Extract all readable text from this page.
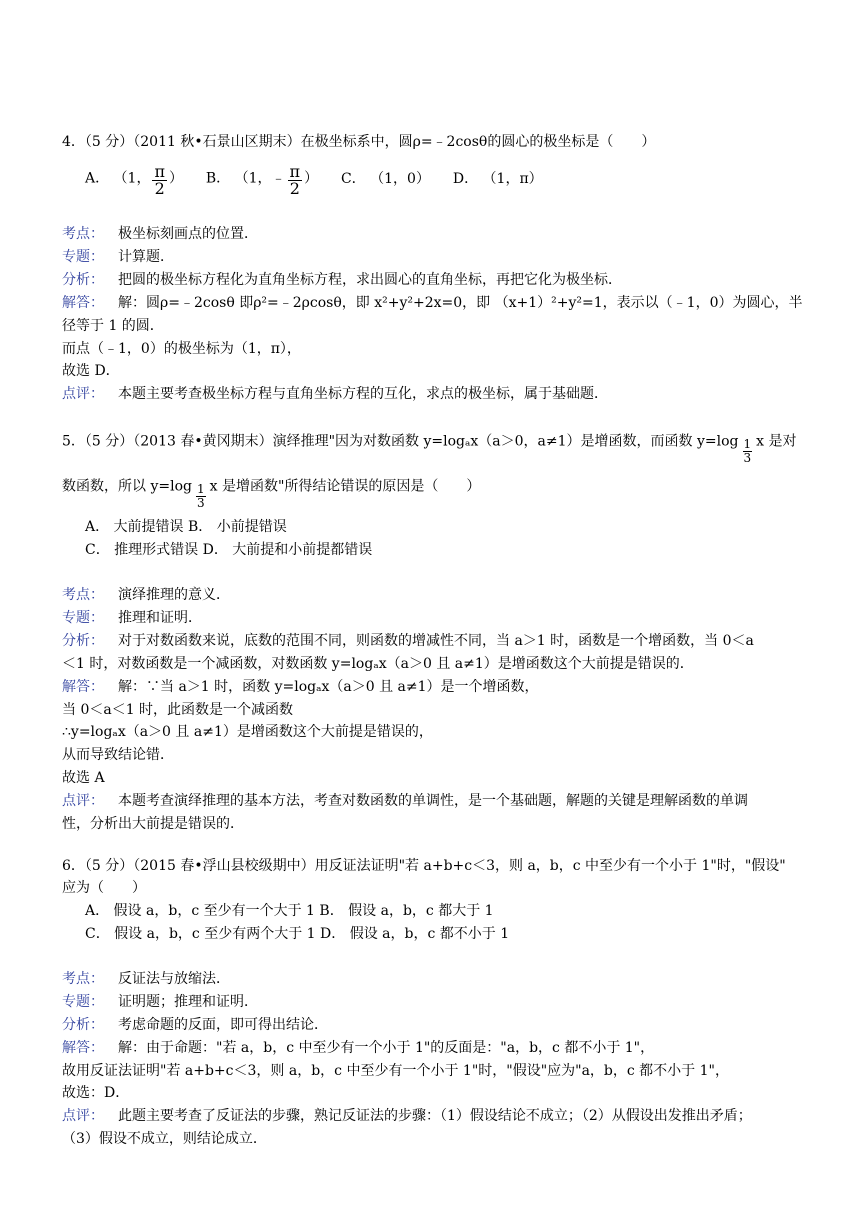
4．（5 分）（2011 秋•石景山区期末）在极坐标系中，圆ρ=﹣2cosθ的圆心的极坐标是（　　）
A． （1， $\frac{\pi}{2}$ ） B． （1，﹣ $\frac{\pi}{2}$ ） C． （1，0） D． （1，π）
考点： 极坐标刻画点的位置．
专题： 计算题．
分析： 把圆的极坐标方程化为直角坐标方程，求出圆心的直角坐标，再把它化为极坐标．
解答： 解：圆ρ=﹣2cosθ 即ρ²=﹣2ρcosθ，即 x²+y²+2x=0，即 （x+1）²+y²=1，表示以（﹣1，0）为圆心，半
径等于 1 的圆．
而点（﹣1，0）的极坐标为（1，π），
故选 D．
点评： 本题主要考查极坐标方程与直角坐标方程的互化，求点的极坐标，属于基础题．
5．（5 分）（2013 春•黄冈期末）演绎推理"因为对数函数 y=logₐx（a＞0，a≠1）是增函数，而函数 $y=\log \frac{1}{3}$ x 是对
数函数，所以 $y=\log \frac{1}{3}$ x 是增函数"所得结论错误的原因是（　　）
A． 大前提错误 B． 小前提错误
C． 推理形式错误 D． 大前提和小前提都错误
考点： 演绎推理的意义．
专题： 推理和证明．
分析： 对于对数函数来说，底数的范围不同，则函数的增减性不同，当 a＞1 时，函数是一个增函数，当 0＜a
＜1 时，对数函数是一个减函数，对数函数 y=logₐx（a＞0 且 a≠1）是增函数这个大前提是错误的．
解答： 解：∵当 a＞1 时，函数 y=logₐx（a＞0 且 a≠1）是一个增函数，
当 0＜a＜1 时，此函数是一个减函数
∴y=logₐx（a＞0 且 a≠1）是增函数这个大前提是错误的，
从而导致结论错．
故选 A
点评： 本题考查演绎推理的基本方法，考查对数函数的单调性，是一个基础题，解题的关键是理解函数的单调
性，分析出大前提是错误的．
6．（5 分）（2015 春•浮山县校级期中）用反证法证明"若 a+b+c＜3，则 a，b，c 中至少有一个小于 1"时，"假设"
应为（　　）
A． 假设 a，b，c 至少有一个大于 1 B． 假设 a，b，c 都大于 1
C． 假设 a，b，c 至少有两个大于 1 D． 假设 a，b，c 都不小于 1
考点： 反证法与放缩法．
专题： 证明题；推理和证明．
分析： 考虑命题的反面，即可得出结论．
解答： 解：由于命题："若 a，b，c 中至少有一个小于 1"的反面是："a，b，c 都不小于 1"，
故用反证法证明"若 a+b+c＜3，则 a，b，c 中至少有一个小于 1"时，"假设"应为"a，b，c 都不小于 1"，
故选：D．
点评： 此题主要考查了反证法的步骤，熟记反证法的步骤：（1）假设结论不成立；（2）从假设出发推出矛盾；
（3）假设不成立，则结论成立．
